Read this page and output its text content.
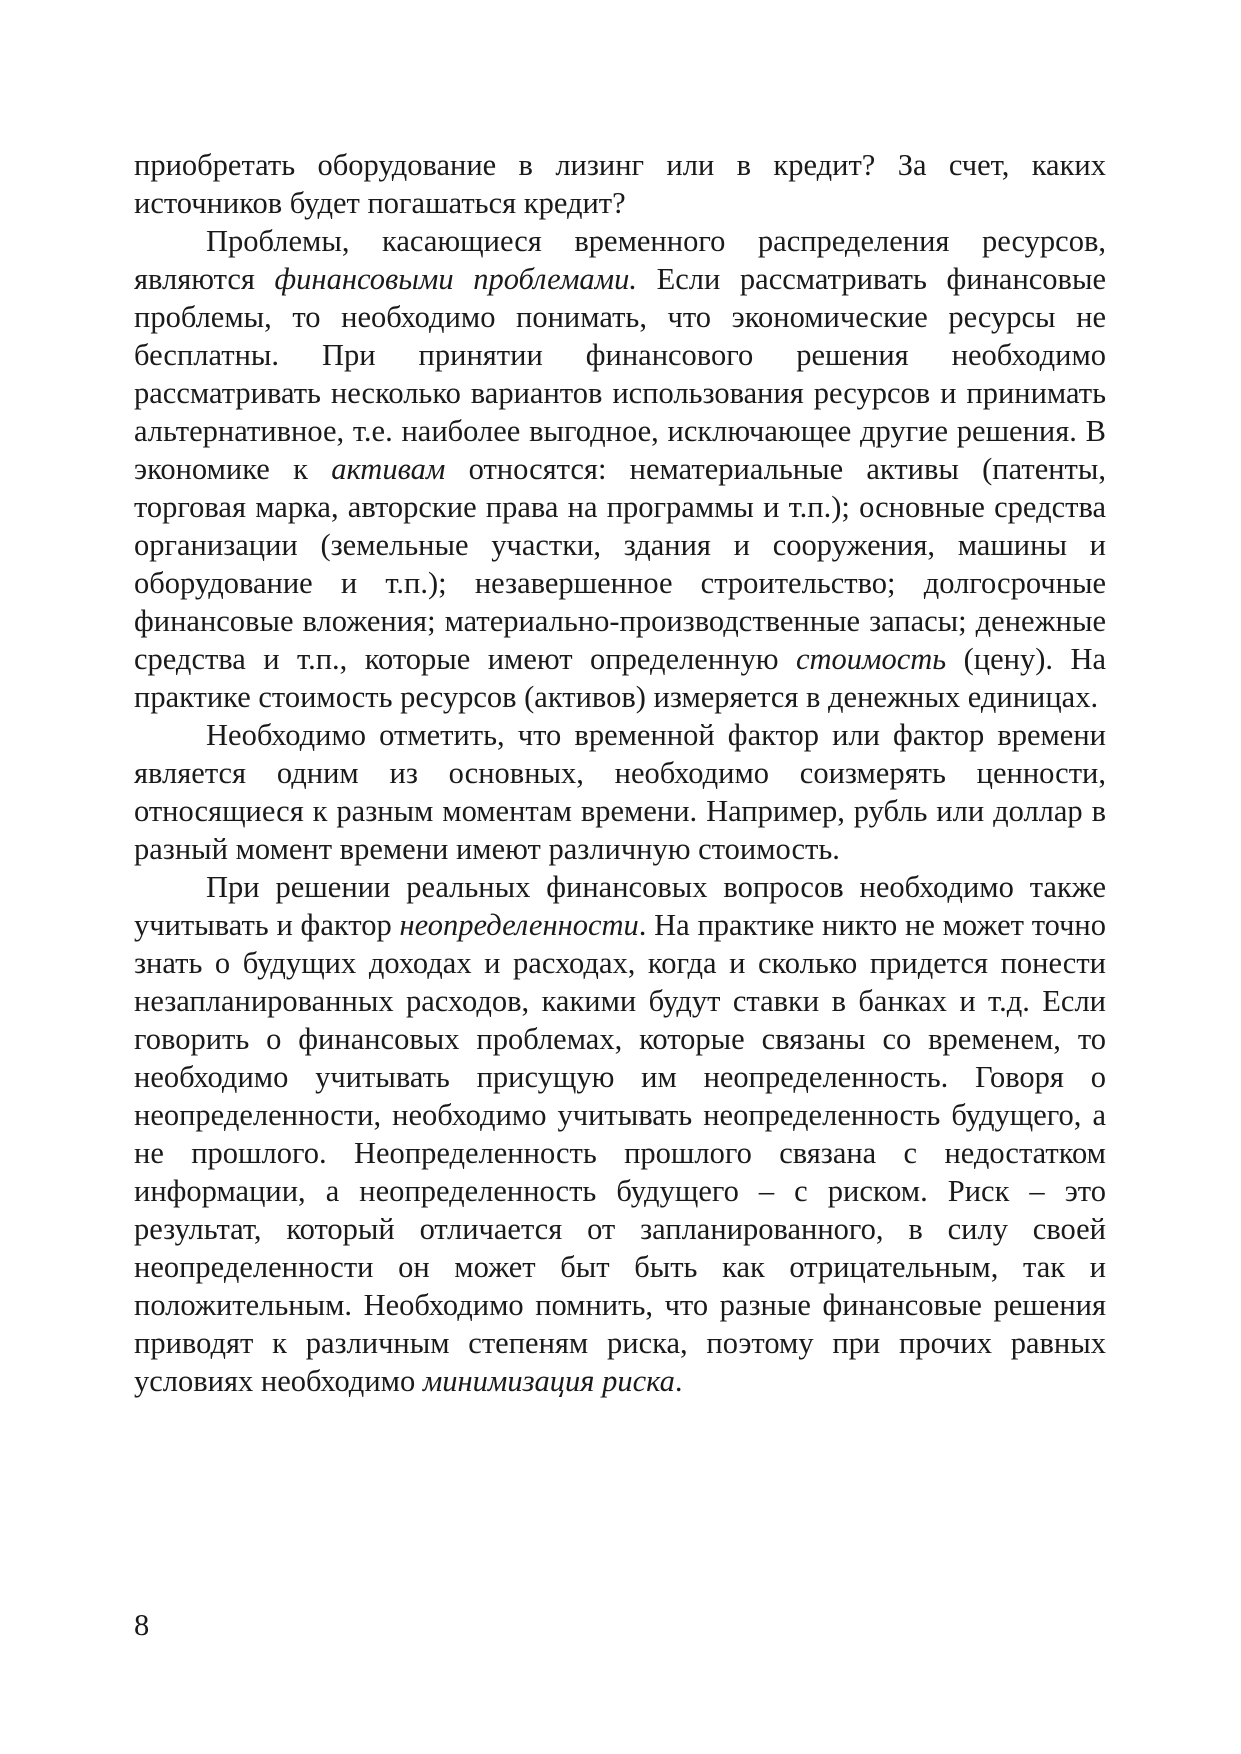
приобретать оборудование в лизинг или в кредит? За счет, каких источников будет погашаться кредит?

Проблемы, касающиеся временного распределения ресурсов, являются финансовыми проблемами. Если рассматривать финансовые проблемы, то необходимо понимать, что экономические ресурсы не бесплатны. При принятии финансового решения необходимо рассматривать несколько вариантов использования ресурсов и принимать альтернативное, т.е. наиболее выгодное, исключающее другие решения. В экономике к активам относятся: нематериальные активы (патенты, торговая марка, авторские права на программы и т.п.); основные средства организации (земельные участки, здания и сооружения, машины и оборудование и т.п.); незавершенное строительство; долгосрочные финансовые вложения; материально-производственные запасы; денежные средства и т.п., которые имеют определенную стоимость (цену). На практике стоимость ресурсов (активов) измеряется в денежных единицах.

Необходимо отметить, что временной фактор или фактор времени является одним из основных, необходимо соизмерять ценности, относящиеся к разным моментам времени. Например, рубль или доллар в разный момент времени имеют различную стоимость.

При решении реальных финансовых вопросов необходимо также учитывать и фактор неопределенности. На практике никто не может точно знать о будущих доходах и расходах, когда и сколько придется понести незапланированных расходов, какими будут ставки в банках и т.д. Если говорить о финансовых проблемах, которые связаны со временем, то необходимо учитывать присущую им неопределенность. Говоря о неопределенности, необходимо учитывать неопределенность будущего, а не прошлого. Неопределенность прошлого связана с недостатком информации, а неопределенность будущего – с риском. Риск – это результат, который отличается от запланированного, в силу своей неопределенности он может быт быть как отрицательным, так и положительным. Необходимо помнить, что разные финансовые решения приводят к различным степеням риска, поэтому при прочих равных условиях необходимо минимизация риска.

8
